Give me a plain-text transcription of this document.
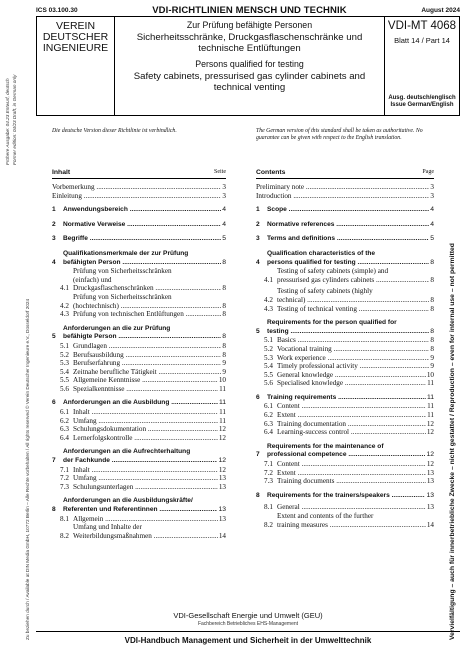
ICS 03.100.30	VDI-RICHTLINIEN MENSCH UND TECHNIK	August 2024
VEREIN
DEUTSCHER
INGENIEURE
Zur Prüfung befähigte Personen
Sicherheitsschränke, Druckgasflaschenschränke und technische Entlüftungen
Persons qualified for testing
Safety cabinets, pressurised gas cylinder cabinets and technical venting
VDI-MT 4068
Blatt 14 / Part 14
Ausg. deutsch/englisch
Issue German/English
Frühere Ausgabe: 04.23 Entwurf, deutsch Former edition: 04/23 Draft, in German only
Zu beziehen durch / Available at DIN Media GmbH, 10772 Berlin – Alle Rechte vorbehalten / All rights reserved © Verein Deutscher Ingenieure e.V., Düsseldorf 2024	Vervielfältigung – auch für innerbetriebliche Zwecke – nicht gestattet / Reproduction – even for internal use – not permitted
Die deutsche Version dieser Richtlinie ist verbindlich.	The German version of this standard shall be taken as authoritative. No guarantee can be given with respect to the English translation.
Inhalt	Seite
Vorbemerkung .....	3
Einleitung .....	3
1	Anwendungsbereich .....	4
2	Normative Verweise .....	4
3	Begriffe .....	5
4
Qualifikationsmerkmale der zur Prüfung
befähigten Person .....	8
4.1
Prüfung von Sicherheitsschränken
(einfach) und
Druckgasflaschenschränken .....	8
4.2
Prüfung von Sicherheitsschränken
(hochtechnisch) .....	8
4.3 Prüfung von technischen Entlüftungen .....	8
5
Anforderungen an die zur Prüfung
befähigte Person .....	8
5.1 Grundlagen .....	8
5.2 Berufsausbildung .....	8
5.3 Berufserfahrung .....	9
5.4 Zeitnahe berufliche Tätigkeit .....	9
5.5 Allgemeine Kenntnisse .....	10
5.6 Spezialkenntnisse .....	11
6	Anforderungen an die Ausbildung .....	11
6.1 Inhalt .....	11
6.2 Umfang .....	11
6.3 Schulungsdokumentation .....	12
6.4 Lernerfolgskontrolle .....	12
7
Anforderungen an die Aufrechterhaltung
der Fachkunde .....	12
7.1 Inhalt .....	12
7.2 Umfang .....	13
7.3 Schulungsunterlagen .....	13
8
Anforderungen an die Ausbildungskräfte/
Referenten und Referentinnen .....	13
8.1 Allgemein .....	13
8.2
Umfang und Inhalte der
Weiterbildungsmaßnahmen .....	14
Contents	Page
Preliminary note .....	3
Introduction .....	3
1	Scope .....	4
2	Normative references .....	4
3	Terms and definitions .....	5
4
Qualification characteristics of the
persons qualified for testing .....	8
4.1
Testing of safety cabinets (simple) and
pressurised gas cylinders cabinets .....	8
4.2
Testing of safety cabinets (highly
technical) .....	8
4.3 Testing of technical venting .....	8
5
Requirements for the person qualified for
testing .....	8
5.1 Basics .....	8
5.2 Vocational training .....	8
5.3 Work experience .....	9
5.4 Timely professional activity .....	9
5.5 General knowledge .....	10
5.6 Specialised knowledge .....	11
6	Training requirements .....	11
6.1 Content .....	11
6.2 Extent .....	11
6.3 Training documentation .....	12
6.4 Learning-success control .....	12
7
Requirements for the maintenance of
professional competence .....	12
7.1 Content .....	12
7.2 Extent .....	13
7.3 Training documents .....	13
8	Requirements for the trainers/speakers .....	13
8.1 General .....	13
8.2
Extent and contents of the further
training measures .....	14
VDI-Gesellschaft Energie und Umwelt (GEU)
Fachbereich Betriebliches EHS-Management
VDI-Handbuch Management und Sicherheit in der Umwelttechnik
